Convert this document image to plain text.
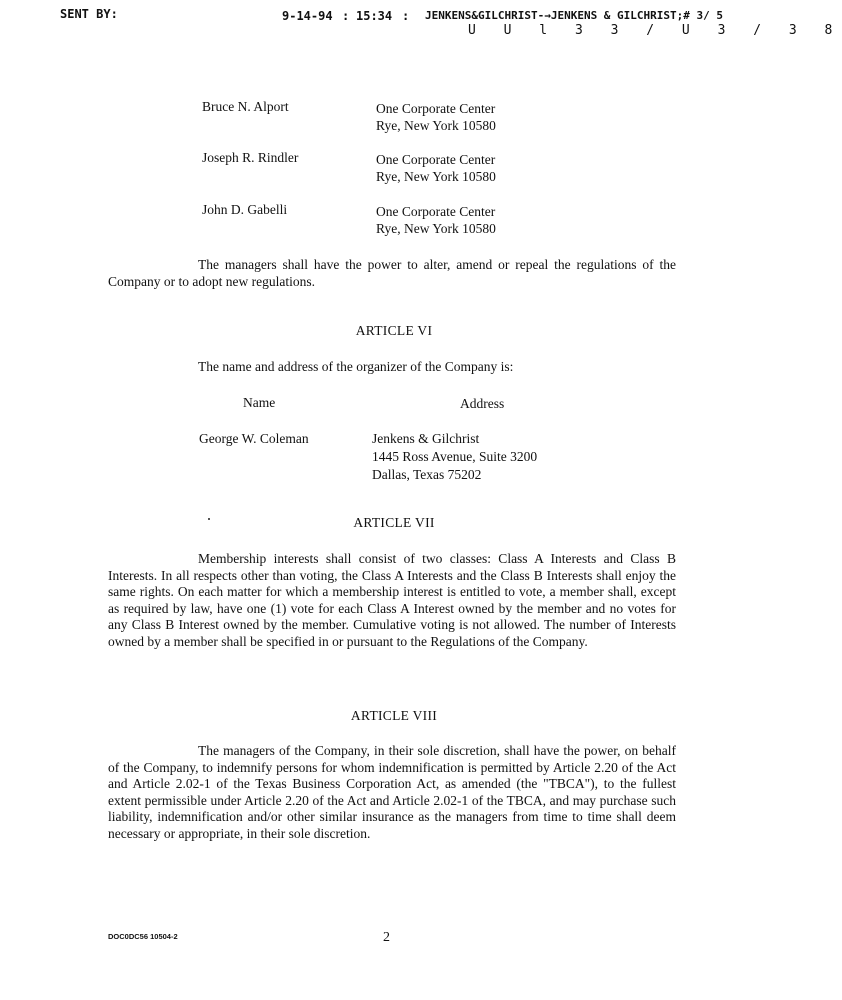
SENT BY:	9-14-94 : 15:34 : JENKENS&GILCHRIST-→JENKENS & GILCHRIST;# 3/ 5
U U l 3 3 / U 3 / 3 8
Bruce N. Alport	One Corporate Center
Rye, New York 10580
Joseph R. Rindler	One Corporate Center
Rye, New York 10580
John D. Gabelli	One Corporate Center
Rye, New York 10580
The managers shall have the power to alter, amend or repeal the regulations of the Company or to adopt new regulations.
ARTICLE VI
The name and address of the organizer of the Company is:
Name	Address
George W. Coleman	Jenkens & Gilchrist
1445 Ross Avenue, Suite 3200
Dallas, Texas 75202
ARTICLE VII
Membership interests shall consist of two classes: Class A Interests and Class B Interests. In all respects other than voting, the Class A Interests and the Class B Interests shall enjoy the same rights. On each matter for which a membership interest is entitled to vote, a member shall, except as required by law, have one (1) vote for each Class A Interest owned by the member and no votes for any Class B Interest owned by the member. Cumulative voting is not allowed. The number of Interests owned by a member shall be specified in or pursuant to the Regulations of the Company.
ARTICLE VIII
The managers of the Company, in their sole discretion, shall have the power, on behalf of the Company, to indemnify persons for whom indemnification is permitted by Article 2.20 of the Act and Article 2.02-1 of the Texas Business Corporation Act, as amended (the "TBCA"), to the fullest extent permissible under Article 2.20 of the Act and Article 2.02-1 of the TBCA, and may purchase such liability, indemnification and/or other similar insurance as the managers from time to time shall deem necessary or appropriate, in their sole discretion.
DOC0DC56 10504-2	2
